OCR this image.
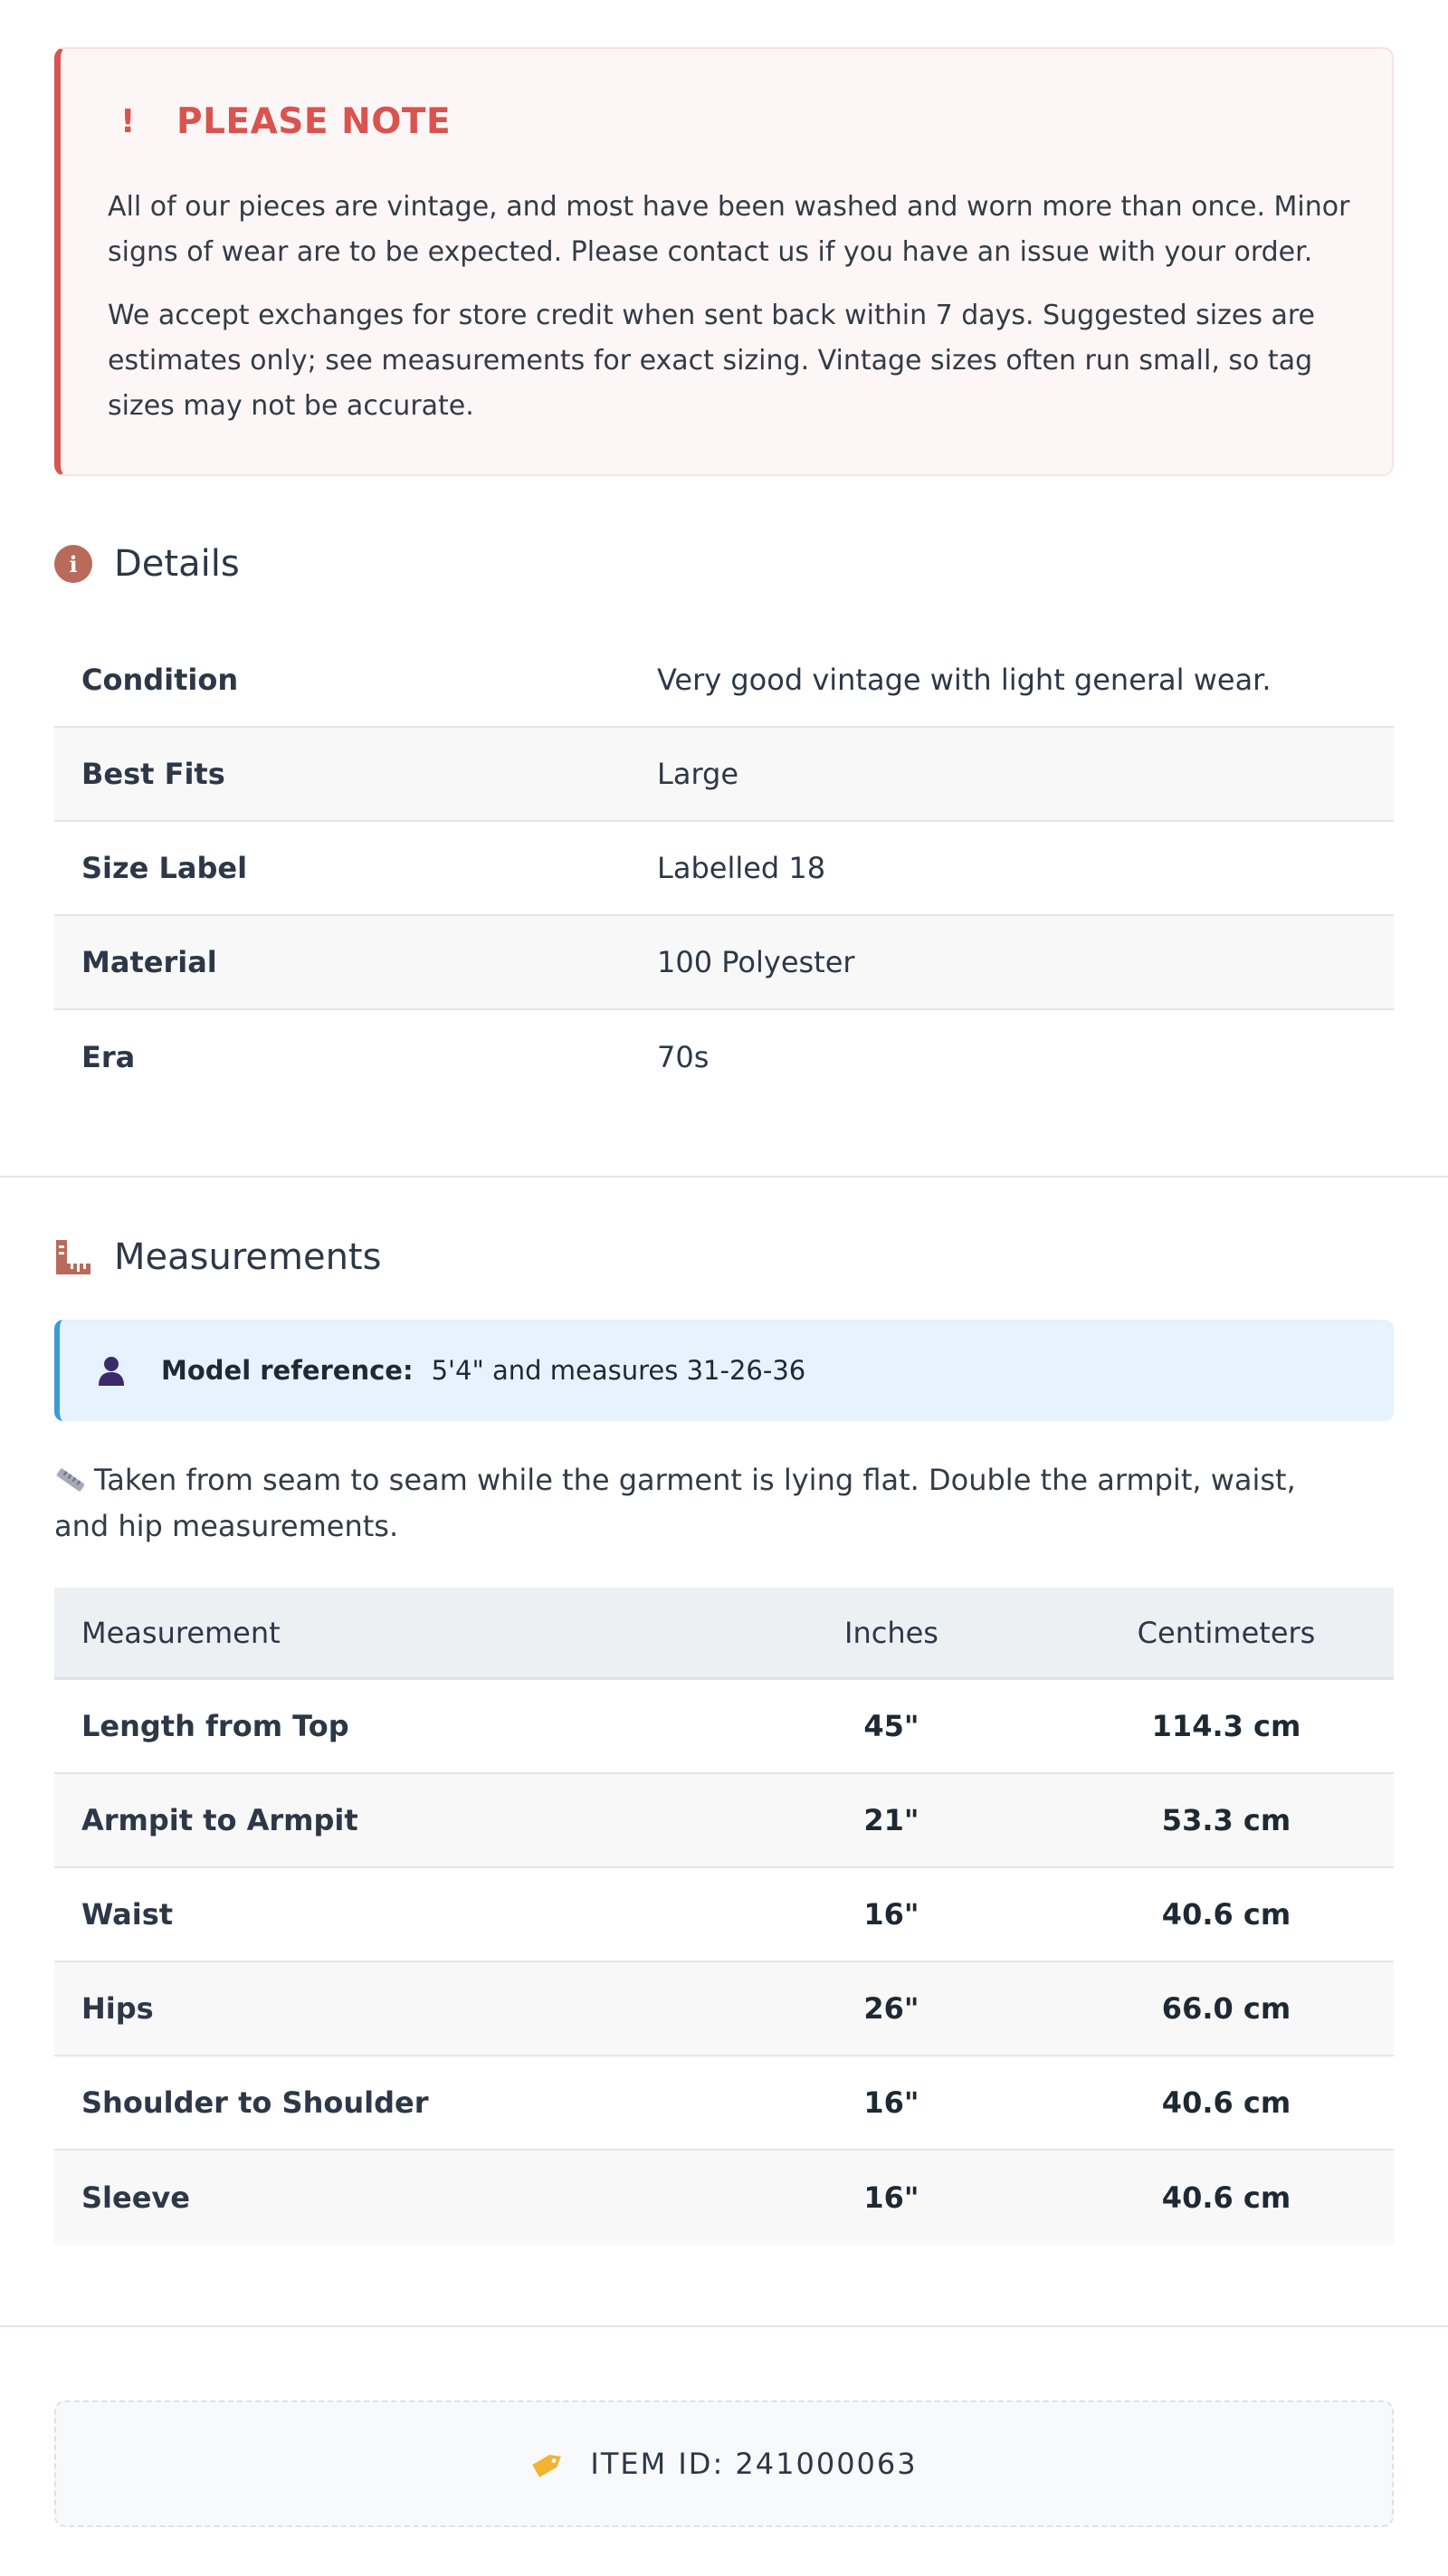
!	PLEASE NOTE

All of our pieces are vintage, and most have been washed and worn more than once. Minor signs of wear are to be expected. Please contact us if you have an issue with your order.

We accept exchanges for store credit when sent back within 7 days. Suggested sizes are estimates only; see measurements for exact sizing. Vintage sizes often run small, so tag sizes may not be accurate.

i	Details
Condition	Very good vintage with light general wear.
Best Fits	Large
Size Label	Labelled 18
Material	100 Polyester
Era	70s
Measurements
Model reference: 5'4" and measures 31-26-36
Taken from seam to seam while the garment is lying flat. Double the armpit, waist, and hip measurements.
Measurement	Inches	Centimeters
Length from Top	45"	114.3 cm
Armpit to Armpit	21"	53.3 cm
Waist	16"	40.6 cm
Hips	26"	66.0 cm
Shoulder to Shoulder	16"	40.6 cm
Sleeve	16"	40.6 cm
ITEM ID: 241000063
